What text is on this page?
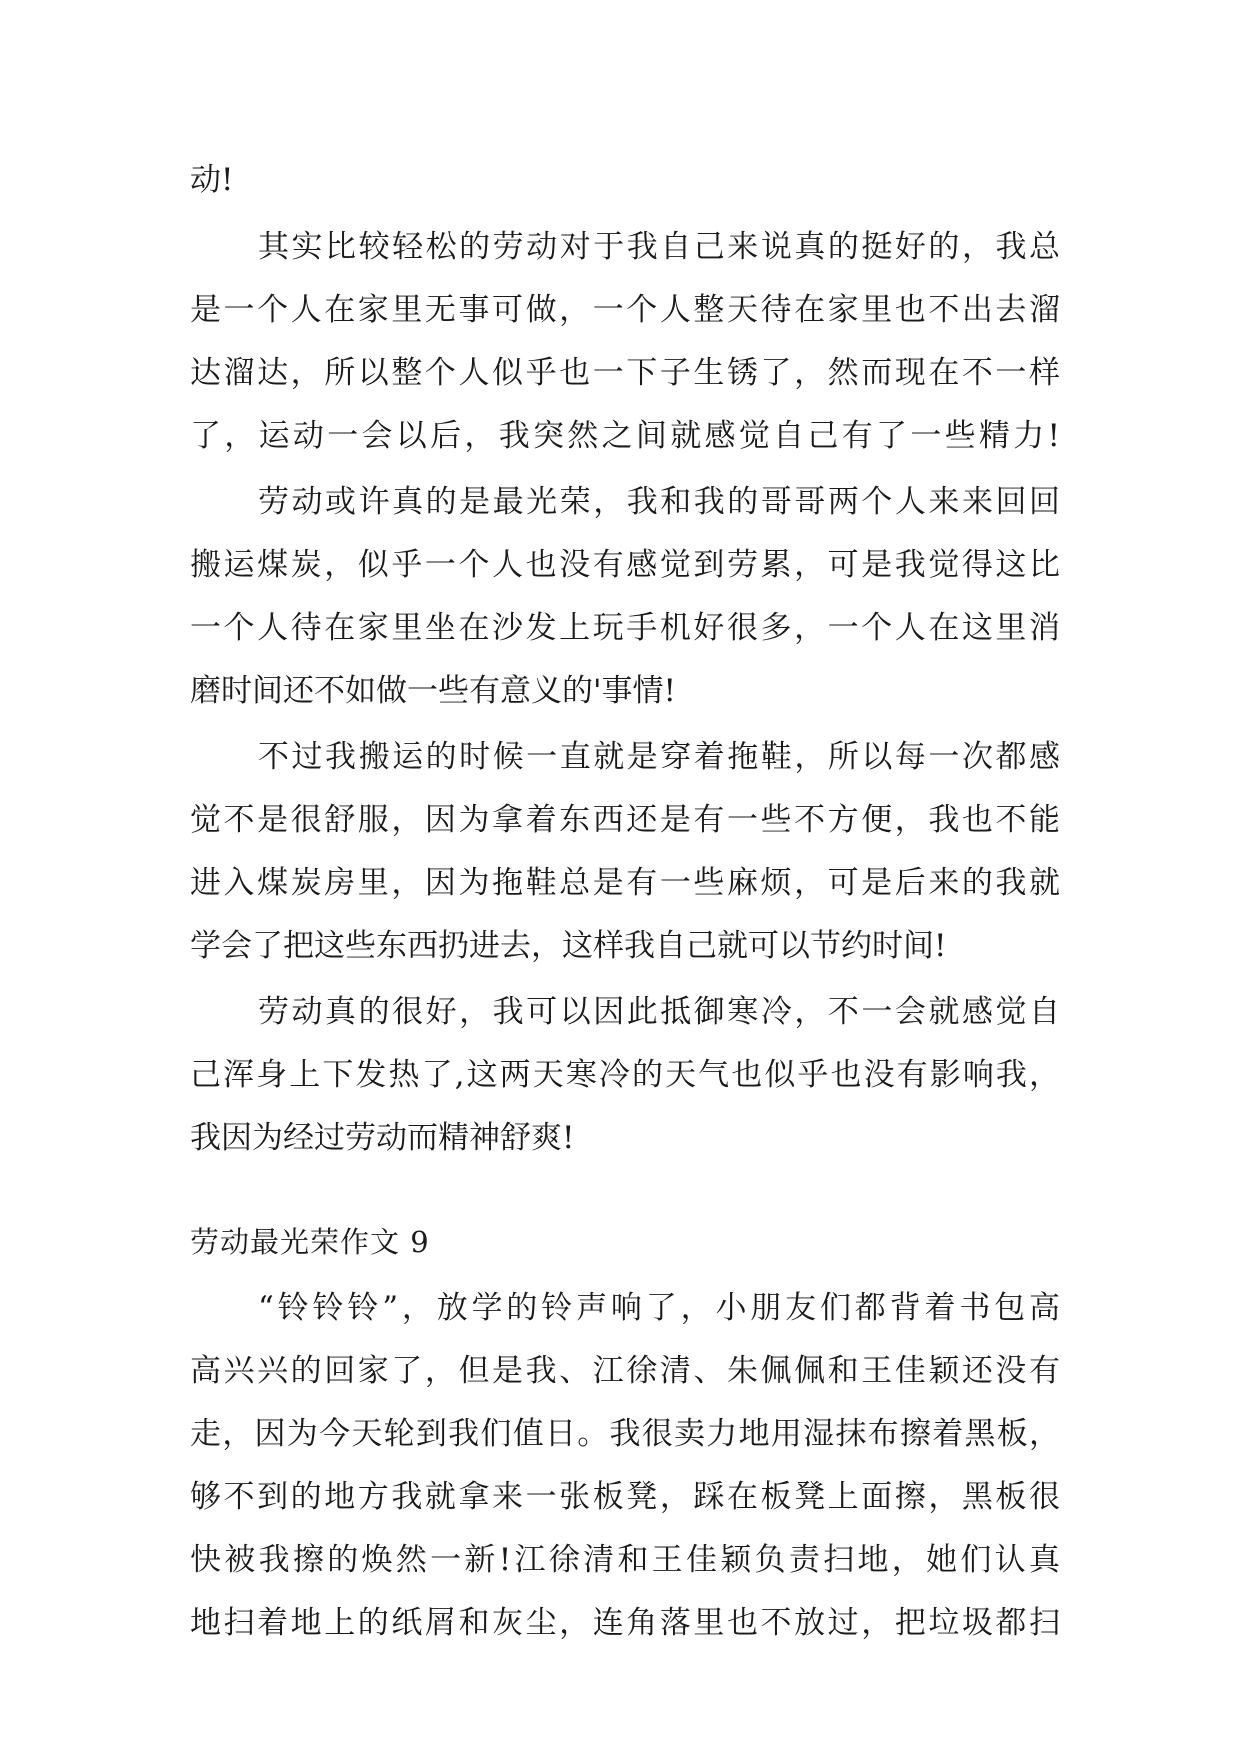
动!
其实比较轻松的劳动对于我自己来说真的挺好的，我总
是一个人在家里无事可做，一个人整天待在家里也不出去溜
达溜达，所以整个人似乎也一下子生锈了，然而现在不一样
了，运动一会以后，我突然之间就感觉自己有了一些精力!
劳动或许真的是最光荣，我和我的哥哥两个人来来回回
搬运煤炭，似乎一个人也没有感觉到劳累，可是我觉得这比
一个人待在家里坐在沙发上玩手机好很多，一个人在这里消
磨时间还不如做一些有意义的'事情!
不过我搬运的时候一直就是穿着拖鞋，所以每一次都感
觉不是很舒服，因为拿着东西还是有一些不方便，我也不能
进入煤炭房里，因为拖鞋总是有一些麻烦，可是后来的我就
学会了把这些东西扔进去，这样我自己就可以节约时间!
劳动真的很好，我可以因此抵御寒冷，不一会就感觉自
己浑身上下发热了,这两天寒冷的天气也似乎也没有影响我，
我因为经过劳动而精神舒爽!
劳动最光荣作文 9
“铃铃铃”，放学的铃声响了，小朋友们都背着书包高
高兴兴的回家了，但是我、江徐清、朱佩佩和王佳颖还没有
走，因为今天轮到我们值日。我很卖力地用湿抹布擦着黑板，
够不到的地方我就拿来一张板凳，踩在板凳上面擦，黑板很
快被我擦的焕然一新!江徐清和王佳颖负责扫地，她们认真
地扫着地上的纸屑和灰尘，连角落里也不放过，把垃圾都扫
